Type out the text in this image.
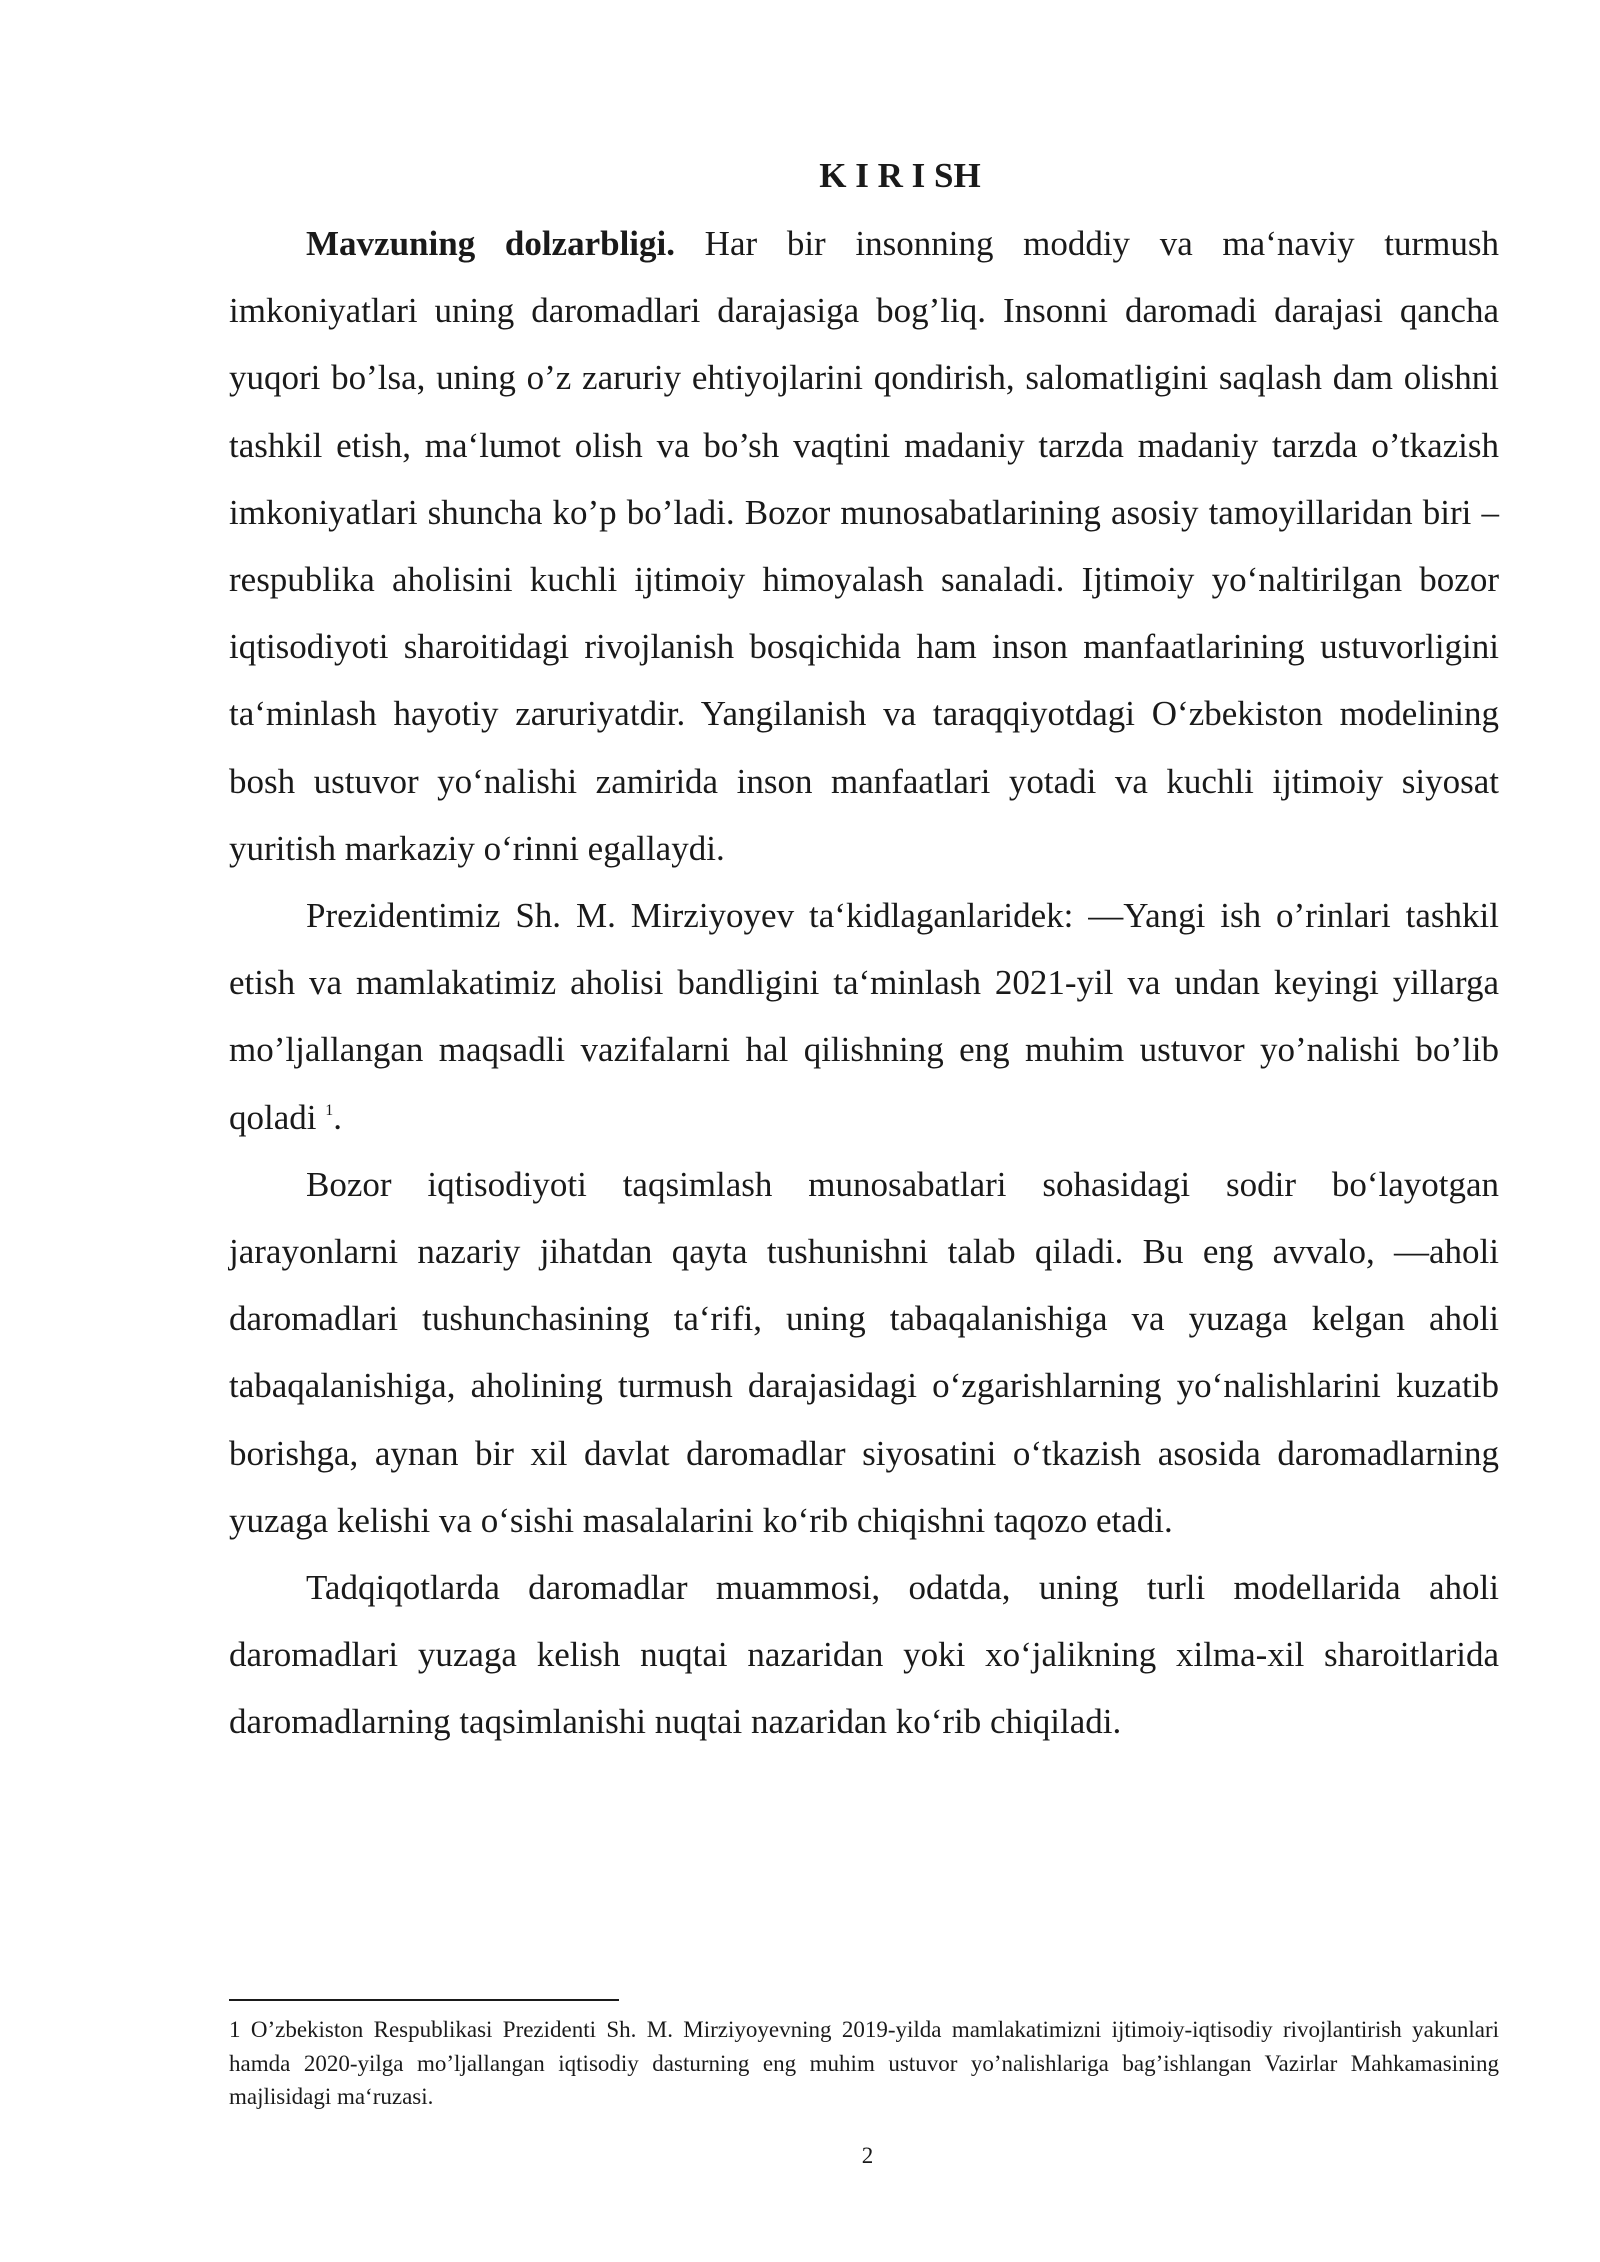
K I R I SH

Mavzuning dolzarbligi. Har bir insonning moddiy va ma‘naviy turmush imkoniyatlari uning daromadlari darajasiga bog’liq. Insonni daromadi darajasi qancha yuqori bo’lsa, uning o’z zaruriy ehtiyojlarini qondirish, salomatligini saqlash dam olishni tashkil etish, ma‘lumot olish va bo’sh vaqtini madaniy tarzda madaniy tarzda o’tkazish imkoniyatlari shuncha ko’p bo’ladi. Bozor munosabatlarining asosiy tamoyillaridan biri – respublika aholisini kuchli ijtimoiy himoyalash sanaladi. Ijtimoiy yo‘naltirilgan bozor iqtisodiyoti sharoitidagi rivojlanish bosqichida ham inson manfaatlarining ustuvorligini ta‘minlash hayotiy zaruriyatdir. Yangilanish va taraqqiyotdagi O‘zbekiston modelining bosh ustuvor yo‘nalishi zamirida inson manfaatlari yotadi va kuchli ijtimoiy siyosat yuritish markaziy o‘rinni egallaydi.

Prezidentimiz Sh. M. Mirziyoyev ta‘kidlaganlaridek: ―Yangi ish o’rinlari tashkil etish va mamlakatimiz aholisi bandligini ta‘minlash 2021-yil va undan keyingi yillarga mo’ljallangan maqsadli vazifalarni hal qilishning eng muhim ustuvor yo’nalishi bo’lib qoladi $^1$.

Bozor iqtisodiyoti taqsimlash munosabatlari sohasidagi sodir bo‘layotgan jarayonlarni nazariy jihatdan qayta tushunishni talab qiladi. Bu eng avvalo, ―aholi daromadlari tushunchasining ta‘rifi, uning tabaqalanishiga va yuzaga kelgan aholi tabaqalanishiga, aholining turmush darajasidagi o‘zgarishlarning yo‘nalishlarini kuzatib borishga, aynan bir xil davlat daromadlar siyosatini o‘tkazish asosida daromadlarning yuzaga kelishi va o‘sishi masalalarini ko‘rib chiqishni taqozo etadi.

Tadqiqotlarda daromadlar muammosi, odatda, uning turli modellarida aholi daromadlari yuzaga kelish nuqtai nazaridan yoki xo‘jalikning xilma-xil sharoitlarida daromadlarning taqsimlanishi nuqtai nazaridan ko‘rib chiqiladi.

1 O’zbekiston Respublikasi Prezidenti Sh. M. Mirziyoyevning 2019-yilda mamlakatimizni ijtimoiy-iqtisodiy rivojlantirish yakunlari hamda 2020-yilga mo’ljallangan iqtisodiy dasturning eng muhim ustuvor yo’nalishlariga bag’ishlangan Vazirlar Mahkamasining majlisidagi ma‘ruzasi.
2
